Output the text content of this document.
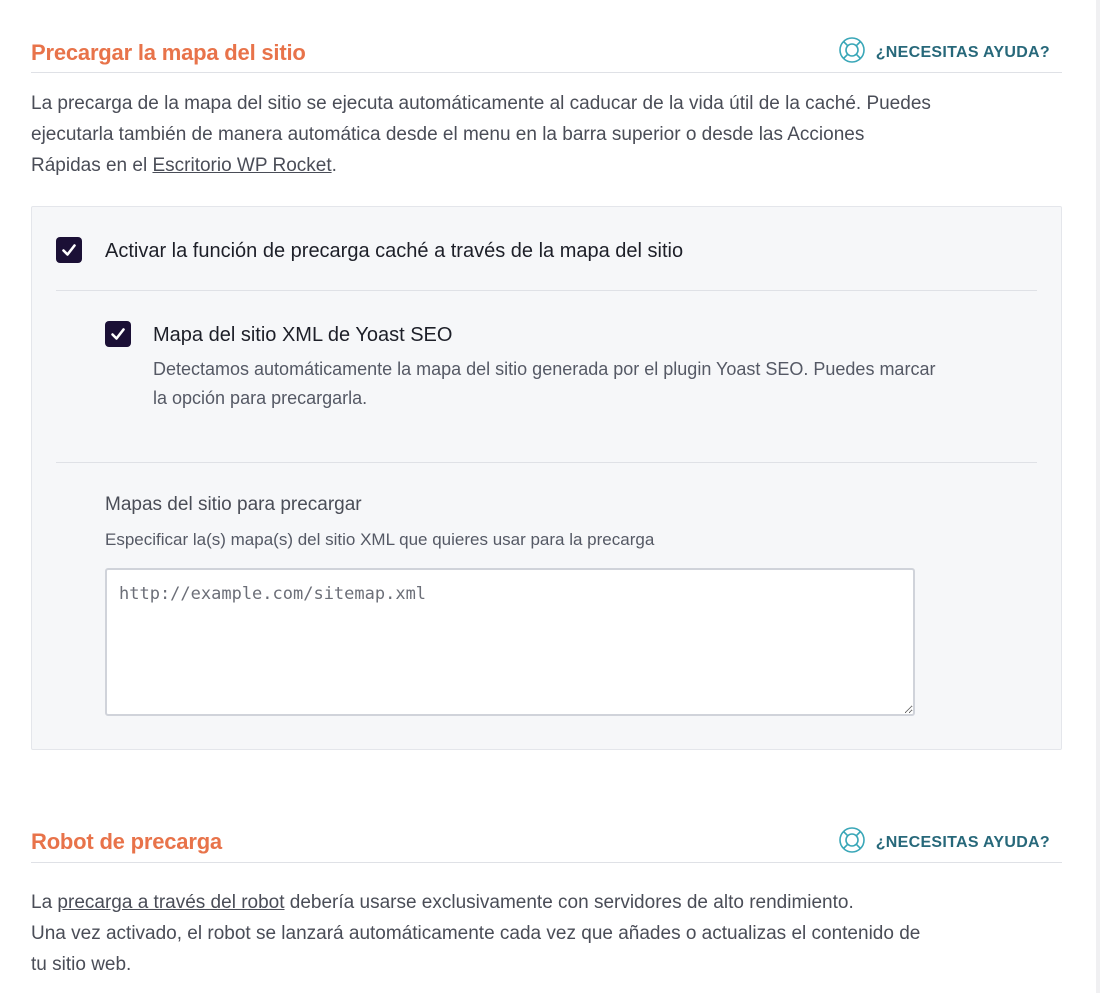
Precargar la mapa del sitio	¿NECESITAS AYUDA?

La precarga de la mapa del sitio se ejecuta automáticamente al caducar de la vida útil de la caché. Puedes
ejecutarla también de manera automática desde el menu en la barra superior o desde las Acciones
Rápidas en el Escritorio WP Rocket.

Activar la función de precarga caché a través de la mapa del sitio
Mapa del sitio XML de Yoast SEO

Detectamos automáticamente la mapa del sitio generada por el plugin Yoast SEO. Puedes marcar
la opción para precargarla.

Mapas del sitio para precargar
Especificar la(s) mapa(s) del sitio XML que quieres usar para la precarga
http://example.com/sitemap.xml
Robot de precarga	¿NECESITAS AYUDA?

La precarga a través del robot debería usarse exclusivamente con servidores de alto rendimiento.
Una vez activado, el robot se lanzará automáticamente cada vez que añades o actualizas el contenido de
tu sitio web.
